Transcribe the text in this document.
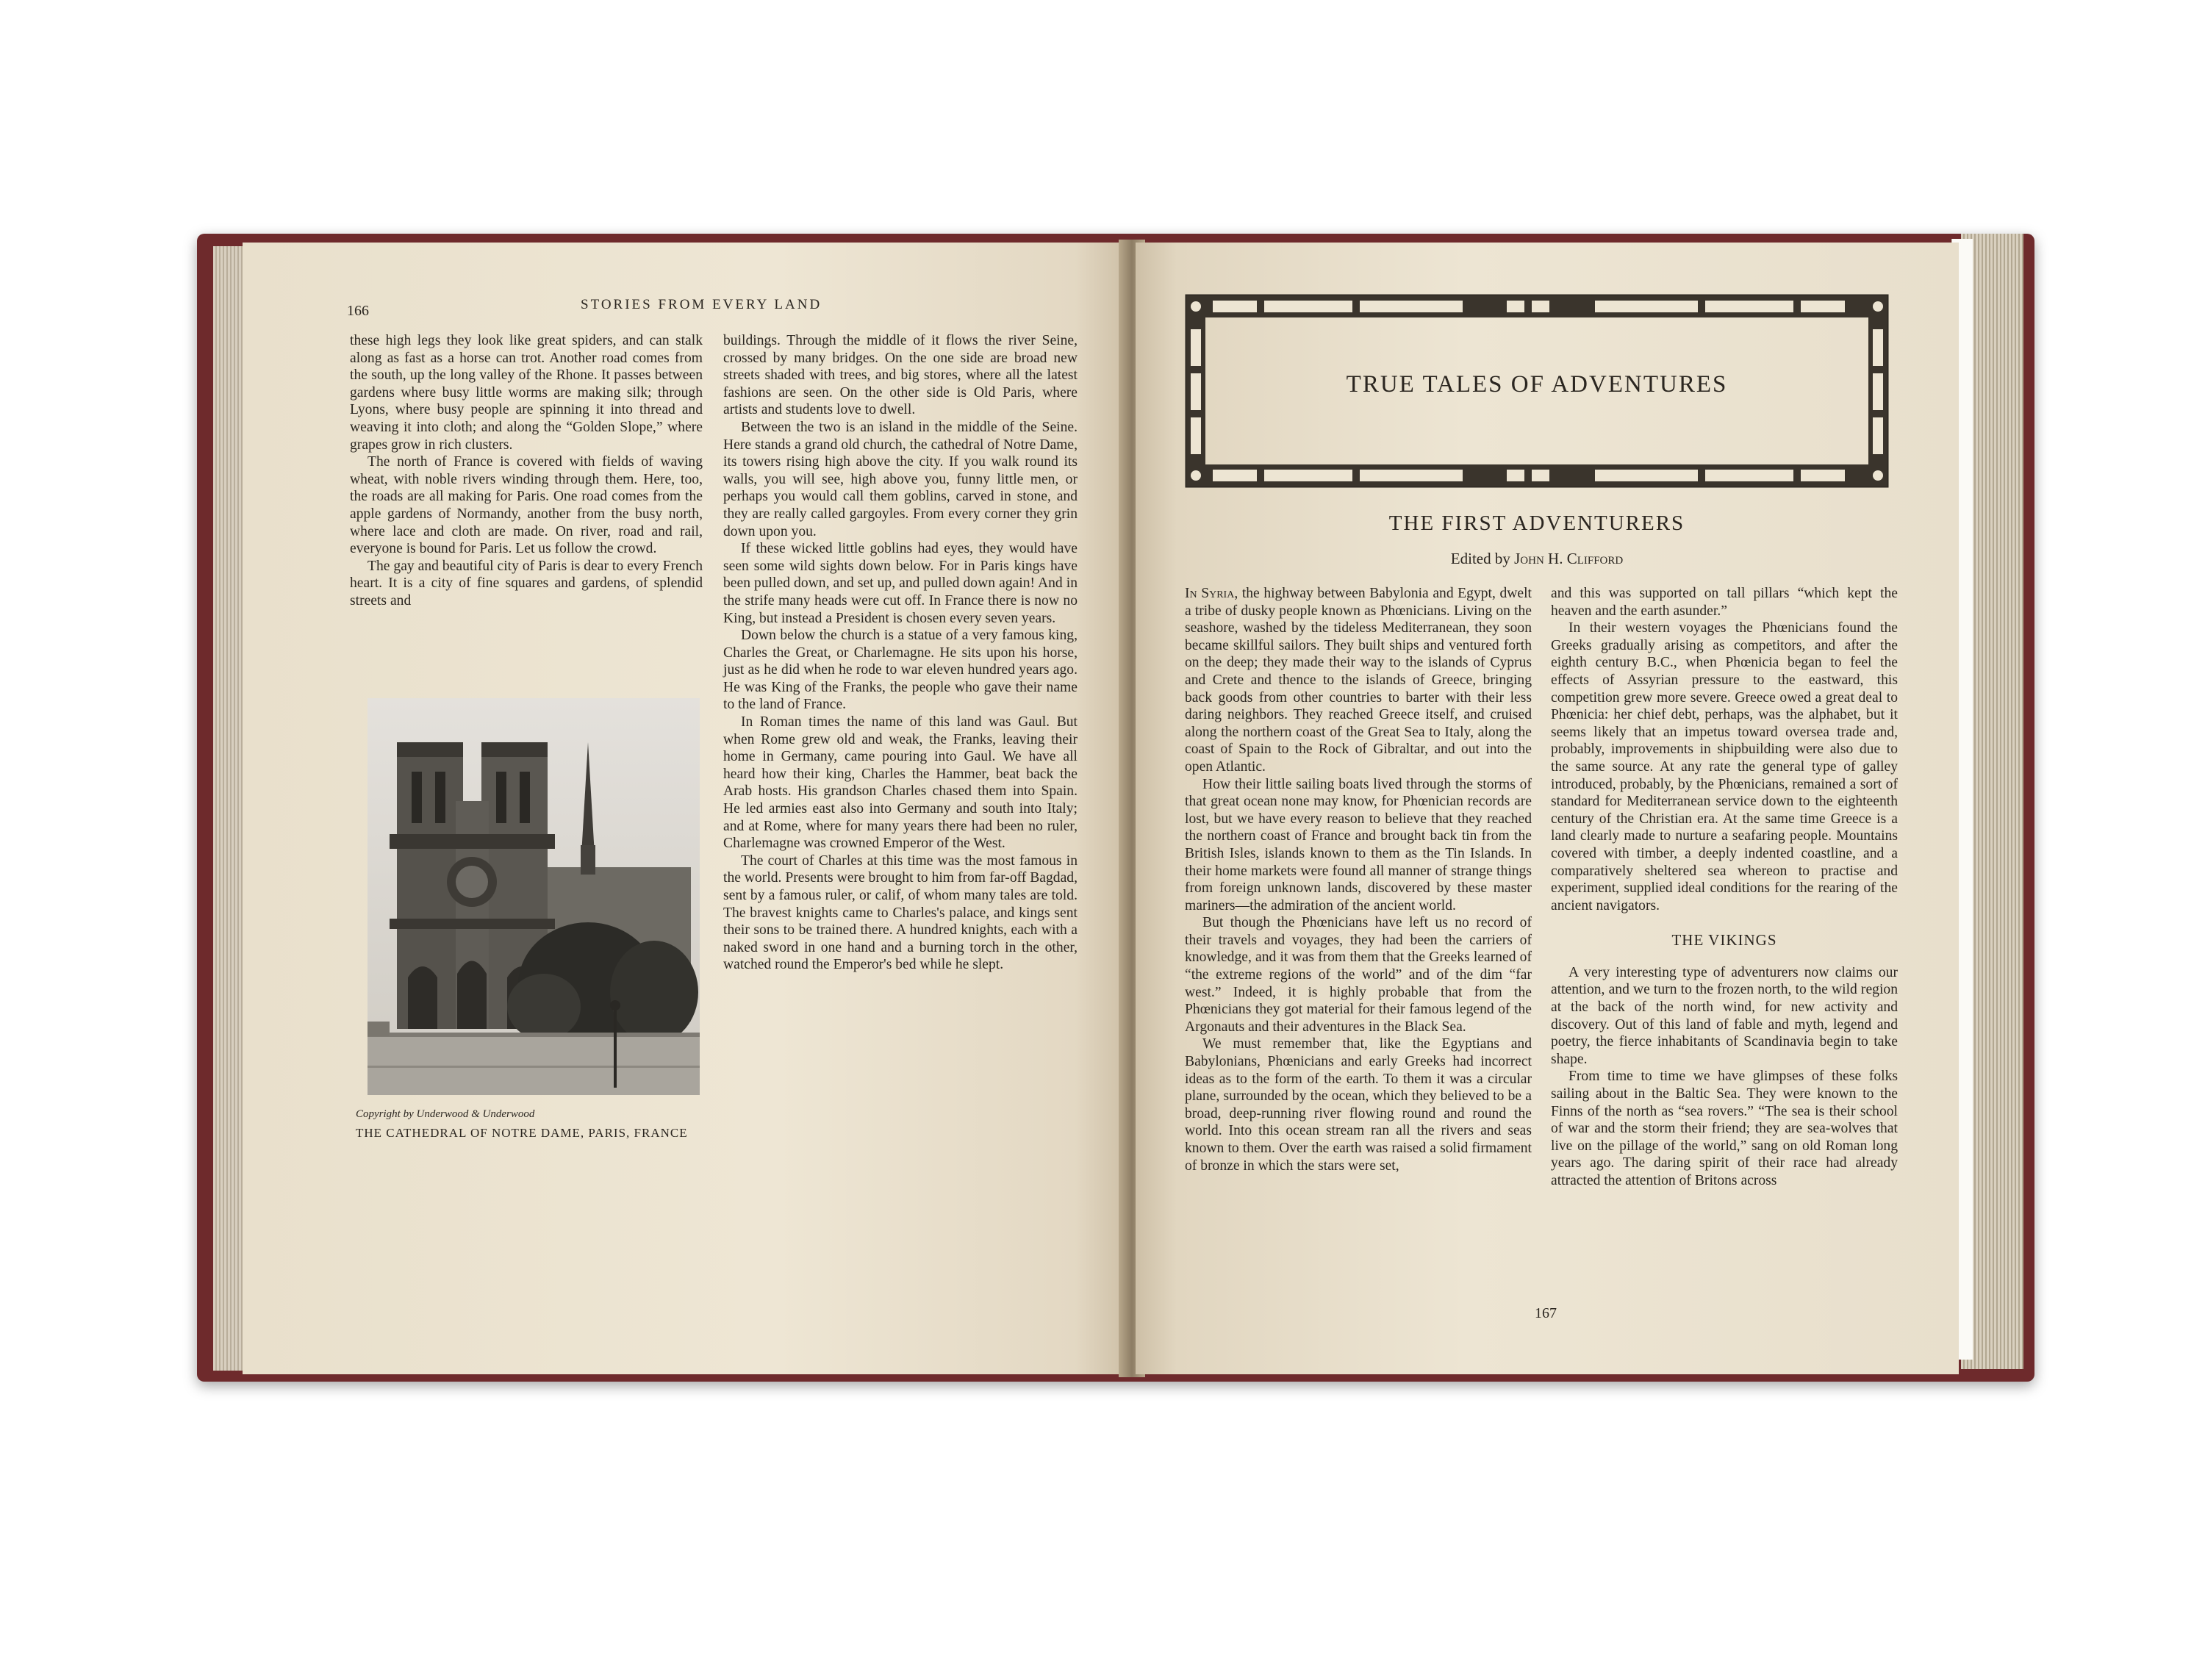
166	STORIES FROM EVERY LAND

these high legs they look like great spiders, and can stalk along as fast as a horse can trot. Another road comes from the south, up the long valley of the Rhone. It passes between gardens where busy little worms are making silk; through Lyons, where busy people are spinning it into thread and weaving it into cloth; and along the “Golden Slope,” where grapes grow in rich clusters.

The north of France is covered with fields of waving wheat, with noble rivers winding through them. Here, too, the roads are all making for Paris. One road comes from the apple gardens of Normandy, another from the busy north, where lace and cloth are made. On river, road and rail, everyone is bound for Paris. Let us follow the crowd.

The gay and beautiful city of Paris is dear to every French heart. It is a city of fine squares and gardens, of splendid streets and

Copyright by Underwood & Underwood
THE CATHEDRAL OF NOTRE DAME, PARIS, FRANCE

buildings. Through the middle of it flows the river Seine, crossed by many bridges. On the one side are broad new streets shaded with trees, and big stores, where all the latest fashions are seen. On the other side is Old Paris, where artists and students love to dwell.

Between the two is an island in the middle of the Seine. Here stands a grand old church, the cathedral of Notre Dame, its towers rising high above the city. If you walk round its walls, you will see, high above you, funny little men, or perhaps you would call them goblins, carved in stone, and they are really called gargoyles. From every corner they grin down upon you.

If these wicked little goblins had eyes, they would have seen some wild sights down below. For in Paris kings have been pulled down, and set up, and pulled down again! And in the strife many heads were cut off. In France there is now no King, but instead a President is chosen every seven years.

Down below the church is a statue of a very famous king, Charles the Great, or Charlemagne. He sits upon his horse, just as he did when he rode to war eleven hundred years ago. He was King of the Franks, the people who gave their name to the land of France.

In Roman times the name of this land was Gaul. But when Rome grew old and weak, the Franks, leaving their home in Germany, came pouring into Gaul. We have all heard how their king, Charles the Hammer, beat back the Arab hosts. His grandson Charles chased them into Spain. He led armies east also into Germany and south into Italy; and at Rome, where for many years there had been no ruler, Charlemagne was crowned Emperor of the West.

The court of Charles at this time was the most famous in the world. Presents were brought to him from far-off Bagdad, sent by a famous ruler, or calif, of whom many tales are told. The bravest knights came to Charles's palace, and kings sent their sons to be trained there. A hundred knights, each with a naked sword in one hand and a burning torch in the other, watched round the Emperor's bed while he slept.

TRUE TALES OF ADVENTURES
THE FIRST ADVENTURERS
Edited by John H. Clifford

In Syria, the highway between Babylonia and Egypt, dwelt a tribe of dusky people known as Phœnicians. Living on the seashore, washed by the tideless Mediterranean, they soon became skillful sailors. They built ships and ventured forth on the deep; they made their way to the islands of Cyprus and Crete and thence to the islands of Greece, bringing back goods from other countries to barter with their less daring neighbors. They reached Greece itself, and cruised along the northern coast of the Great Sea to Italy, along the coast of Spain to the Rock of Gibraltar, and out into the open Atlantic.

How their little sailing boats lived through the storms of that great ocean none may know, for Phœnician records are lost, but we have every reason to believe that they reached the northern coast of France and brought back tin from the British Isles, islands known to them as the Tin Islands. In their home markets were found all manner of strange things from foreign unknown lands, discovered by these master mariners—the admiration of the ancient world.

But though the Phœnicians have left us no record of their travels and voyages, they had been the carriers of knowledge, and it was from them that the Greeks learned of “the extreme regions of the world” and of the dim “far west.” Indeed, it is highly probable that from the Phœnicians they got material for their famous legend of the Argonauts and their adventures in the Black Sea.

We must remember that, like the Egyptians and Babylonians, Phœnicians and early Greeks had incorrect ideas as to the form of the earth. To them it was a circular plane, surrounded by the ocean, which they believed to be a broad, deep-running river flowing round and round the world. Into this ocean stream ran all the rivers and seas known to them. Over the earth was raised a solid firmament of bronze in which the stars were set,

and this was supported on tall pillars “which kept the heaven and the earth asunder.”

In their western voyages the Phœnicians found the Greeks gradually arising as competitors, and after the eighth century B.C., when Phœnicia began to feel the effects of Assyrian pressure to the eastward, this competition grew more severe. Greece owed a great deal to Phœnicia: her chief debt, perhaps, was the alphabet, but it seems likely that an impetus toward oversea trade and, probably, improvements in shipbuilding were also due to the same source. At any rate the general type of galley introduced, probably, by the Phœnicians, remained a sort of standard for Mediterranean service down to the eighteenth century of the Christian era. At the same time Greece is a land clearly made to nurture a seafaring people. Mountains covered with timber, a deeply indented coastline, and a comparatively sheltered sea whereon to practise and experiment, supplied ideal conditions for the rearing of the ancient navigators.

THE VIKINGS

A very interesting type of adventurers now claims our attention, and we turn to the frozen north, to the wild region at the back of the north wind, for new activity and discovery. Out of this land of fable and myth, legend and poetry, the fierce inhabitants of Scandinavia begin to take shape.

From time to time we have glimpses of these folks sailing about in the Baltic Sea. They were known to the Finns of the north as “sea rovers.” “The sea is their school of war and the storm their friend; they are sea-wolves that live on the pillage of the world,” sang on old Roman long years ago. The daring spirit of their race had already attracted the attention of Britons across

167
